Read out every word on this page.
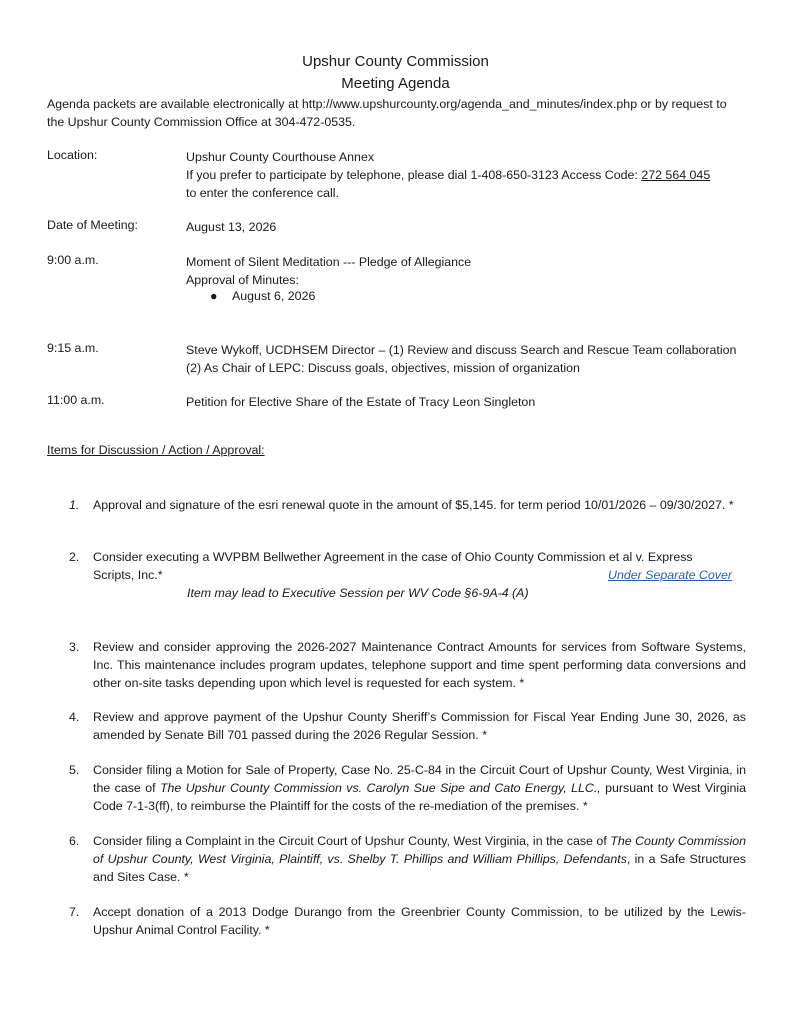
Upshur County Commission
Meeting Agenda
Agenda packets are available electronically at http://www.upshurcounty.org/agenda_and_minutes/index.php or by request to the Upshur County Commission Office at 304-472-0535.
Location:	Upshur County Courthouse Annex
If you prefer to participate by telephone, please dial 1-408-650-3123 Access Code: 272 564 045
to enter the conference call.
Date of Meeting:	August 13, 2026
9:00 a.m.	Moment of Silent Meditation --- Pledge of Allegiance
Approval of Minutes:
● August 6, 2026
9:15 a.m.	Steve Wykoff, UCDHSEM Director – (1) Review and discuss Search and Rescue Team collaboration (2) As Chair of LEPC: Discuss goals, objectives, mission of organization
11:00 a.m.	Petition for Elective Share of the Estate of Tracy Leon Singleton
Items for Discussion / Action / Approval:
1. Approval and signature of the esri renewal quote in the amount of $5,145. for term period 10/01/2026 – 09/30/2027. *
2. Consider executing a WVPBM Bellwether Agreement in the case of Ohio County Commission et al v. Express
Scripts, Inc.*	Under Separate Cover
Item may lead to Executive Session per WV Code §6-9A-4 (A)
3. Review and consider approving the 2026-2027 Maintenance Contract Amounts for services from Software Systems, Inc. This maintenance includes program updates, telephone support and time spent performing data conversions and other on-site tasks depending upon which level is requested for each system. *
4. Review and approve payment of the Upshur County Sheriff’s Commission for Fiscal Year Ending June 30, 2026, as amended by Senate Bill 701 passed during the 2026 Regular Session. *
5. Consider filing a Motion for Sale of Property, Case No. 25-C-84 in the Circuit Court of Upshur County, West Virginia, in the case of The Upshur County Commission vs. Carolyn Sue Sipe and Cato Energy, LLC., pursuant to West Virginia Code 7-1-3(ff), to reimburse the Plaintiff for the costs of the re-mediation of the premises. *
6. Consider filing a Complaint in the Circuit Court of Upshur County, West Virginia, in the case of The County Commission of Upshur County, West Virginia, Plaintiff, vs. Shelby T. Phillips and William Phillips, Defendants, in a Safe Structures and Sites Case. *
7. Accept donation of a 2013 Dodge Durango from the Greenbrier County Commission, to be utilized by the Lewis-Upshur Animal Control Facility. *
